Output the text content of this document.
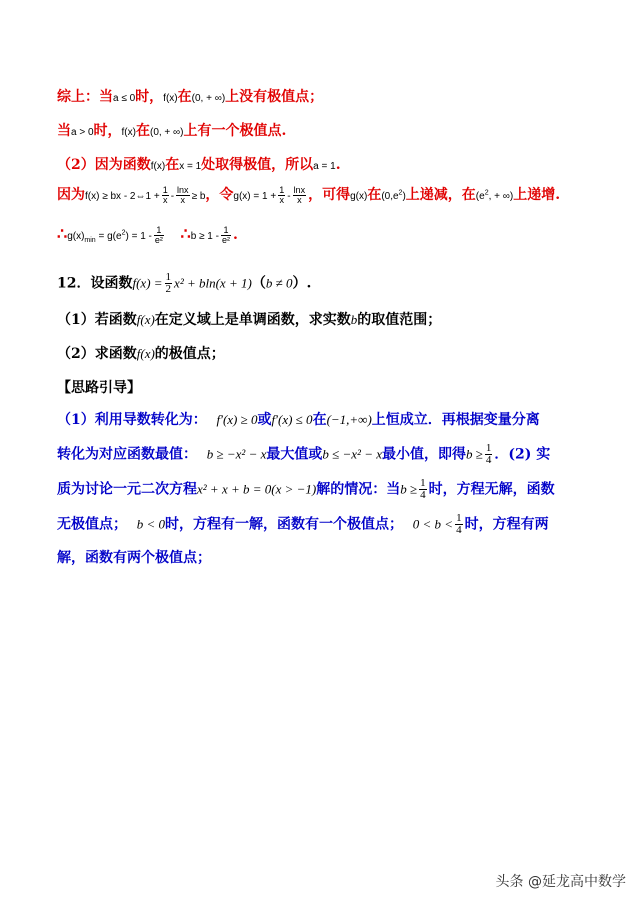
综上：当a ≤ 0时，f(x)在(0, + ∞)上没有极值点；
当a > 0时，f(x)在(0, + ∞)上有一个极值点.
（2）因为函数f(x)在x = 1处取得极值，所以a = 1.
因为f(x) ≥ bx - 2⇔1 + $\frac{1}{x} - \frac{\ln x}{x} \ge b$，令$g(x) = 1 + \frac{1}{x} - \frac{\ln x}{x}$ ，可得g(x)在$(0,e^2)$上递减，在($e^2$, + ∞)上递增.
$\therefore g(x)_{min} = g(e^2) = 1 - \frac{1}{\text{e²}}$ ∴b ≥ $1 - \frac{1}{\text{e²}}$ .
12．设函数$f(x) = \frac{1}{2} x^2 + bln(x + 1)(b \ne 0)$.
（1）若函数f(x)在定义域上是单调函数，求实数b的取值范围；
（2）求函数f(x)的极值点；
【思路引导】
（1）利用导数转化为： f′(x) ≥ 0或f′(x) ≤ 0在(−1,+∞)上恒成立．再根据变量分离
转化为对应函数最值： b ≥ −x² − x最大值或b ≤ −x² − x最小值，即得$b \ge \frac{1}{4}$ ．(2) 实
质为讨论一元二次方程x² + x + b = 0(x > −1)解的情况：当$b \ge \frac{1}{4}$ 时，方程无解，函数
无极值点； b < 0时，方程有一解，函数有一个极值点； $0 < b < \frac{1}{4}$ 时，方程有两
解，函数有两个极值点；
头条 @延龙高中数学
